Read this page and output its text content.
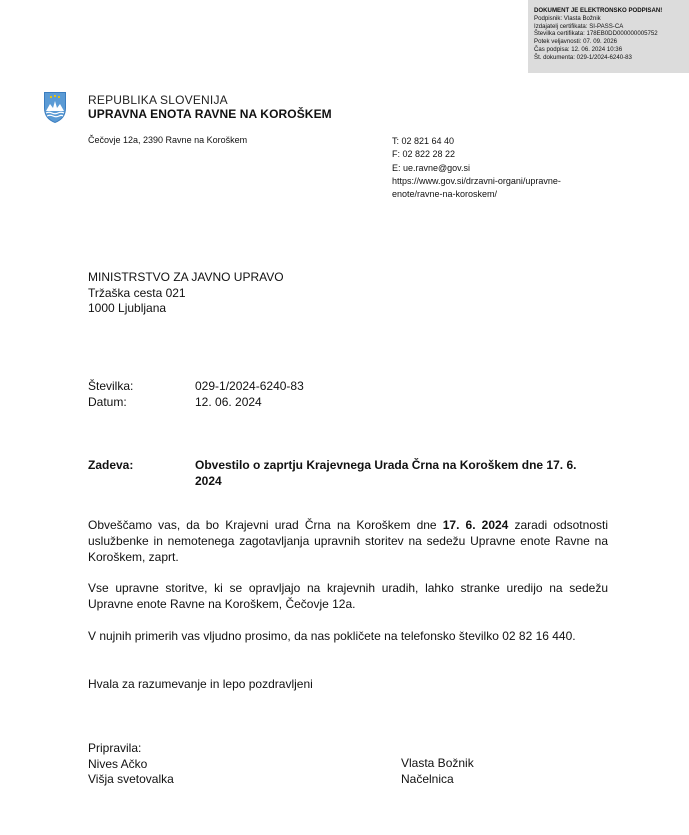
DOKUMENT JE ELEKTRONSKO PODPISAN!
Podpisnik: Vlasta Božnik
Izdajatelj certifikata: SI-PASS-CA
Številka certifikata: 178EB0DD000000005752
Potek veljavnosti: 07. 09. 2026
Čas podpisa: 12. 06. 2024 10:36
Št. dokumenta: 029-1/2024-6240-83
REPUBLIKA SLOVENIJA
UPRAVNA ENOTA RAVNE NA KOROŠKEM
Čečovje 12a, 2390 Ravne na Koroškem	T: 02 821 64 40
F: 02 822 28 22
E: ue.ravne@gov.si
https://www.gov.si/drzavni-organi/upravne-
enote/ravne-na-koroskem/
MINISTRSTVO ZA JAVNO UPRAVO
Tržaška cesta 021
1000 Ljubljana
Številka:	029-1/2024-6240-83
Datum:	12. 06. 2024
Zadeva:	Obvestilo o zaprtju Krajevnega Urada Črna na Koroškem dne 17. 6. 2024
Obveščamo vas, da bo Krajevni urad Črna na Koroškem dne 17. 6. 2024 zaradi odsotnosti uslužbenke in nemotenega zagotavljanja upravnih storitev na sedežu Upravne enote Ravne na Koroškem, zaprt.
Vse upravne storitve, ki se opravljajo na krajevnih uradih, lahko stranke uredijo na sedežu Upravne enote Ravne na Koroškem, Čečovje 12a.
V nujnih primerih vas vljudno prosimo, da nas pokličete na telefonsko številko 02 82 16 440.
Hvala za razumevanje in lepo pozdravljeni
Pripravila:
Nives Ačko
Višja svetovalka
Vlasta Božnik
Načelnica
